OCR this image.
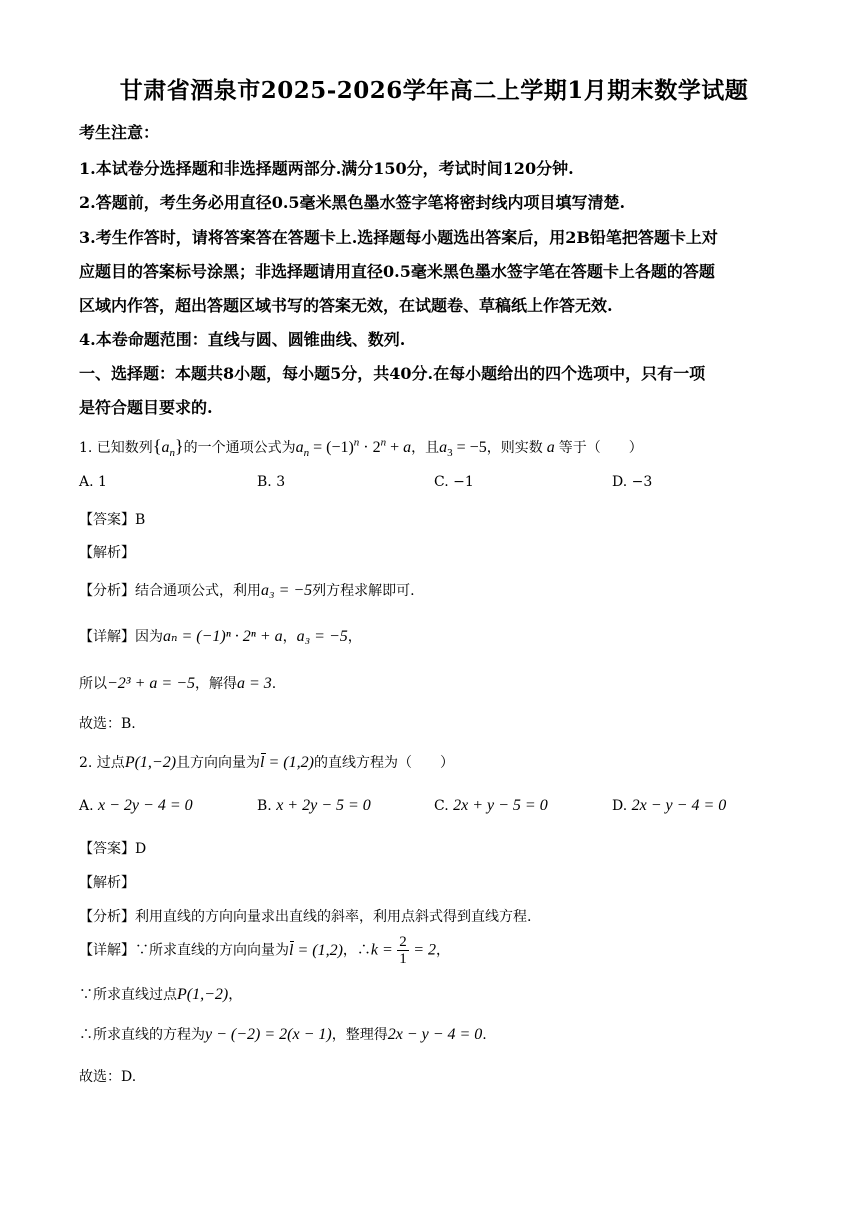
甘肃省酒泉市2025-2026学年高二上学期1月期末数学试题
考生注意：
1.本试卷分选择题和非选择题两部分.满分150分，考试时间120分钟.
2.答题前，考生务必用直径0.5毫米黑色墨水签字笔将密封线内项目填写清楚.
3.考生作答时，请将答案答在答题卡上.选择题每小题选出答案后，用2B铅笔把答题卡上对
应题目的答案标号涂黑；非选择题请用直径0.5毫米黑色墨水签字笔在答题卡上各题的答题
区域内作答，超出答题区域书写的答案无效，在试题卷、草稿纸上作答无效.
4.本卷命题范围：直线与圆、圆锥曲线、数列.
一、选择题：本题共8小题，每小题5分，共40分.在每小题给出的四个选项中，只有一项
是符合题目要求的.
1. 已知数列$\{a_n\}$的一个通项公式为$a_n = (-1)^n \cdot 2^n + a$，且$a_3 = -5$，则实数 a 等于（　　）
A. 1	B. 3	C. −1	D. −3
【答案】B
【解析】
【分析】结合通项公式，利用a₃ = −5列方程求解即可.
【详解】因为aₙ = (−1)ⁿ · 2ⁿ + a，a₃ = −5，
所以−2³ + a = −5，解得a = 3.
故选：B.
2. 过点P(1,−2)且方向向量为l = (1,2)的直线方程为（　　）
A. x − 2y − 4 = 0	B. x + 2y − 5 = 0	C. 2x + y − 5 = 0	D. 2x − y − 4 = 0
【答案】D
【解析】
【分析】利用直线的方向向量求出直线的斜率，利用点斜式得到直线方程.
【详解】∵所求直线的方向向量为l = (1,2)，∴k = $\frac{2}{1} = 2$，
∵所求直线过点P(1,−2)，
∴所求直线的方程为y − (−2) = 2(x − 1)，整理得2x − y − 4 = 0.
故选：D.
